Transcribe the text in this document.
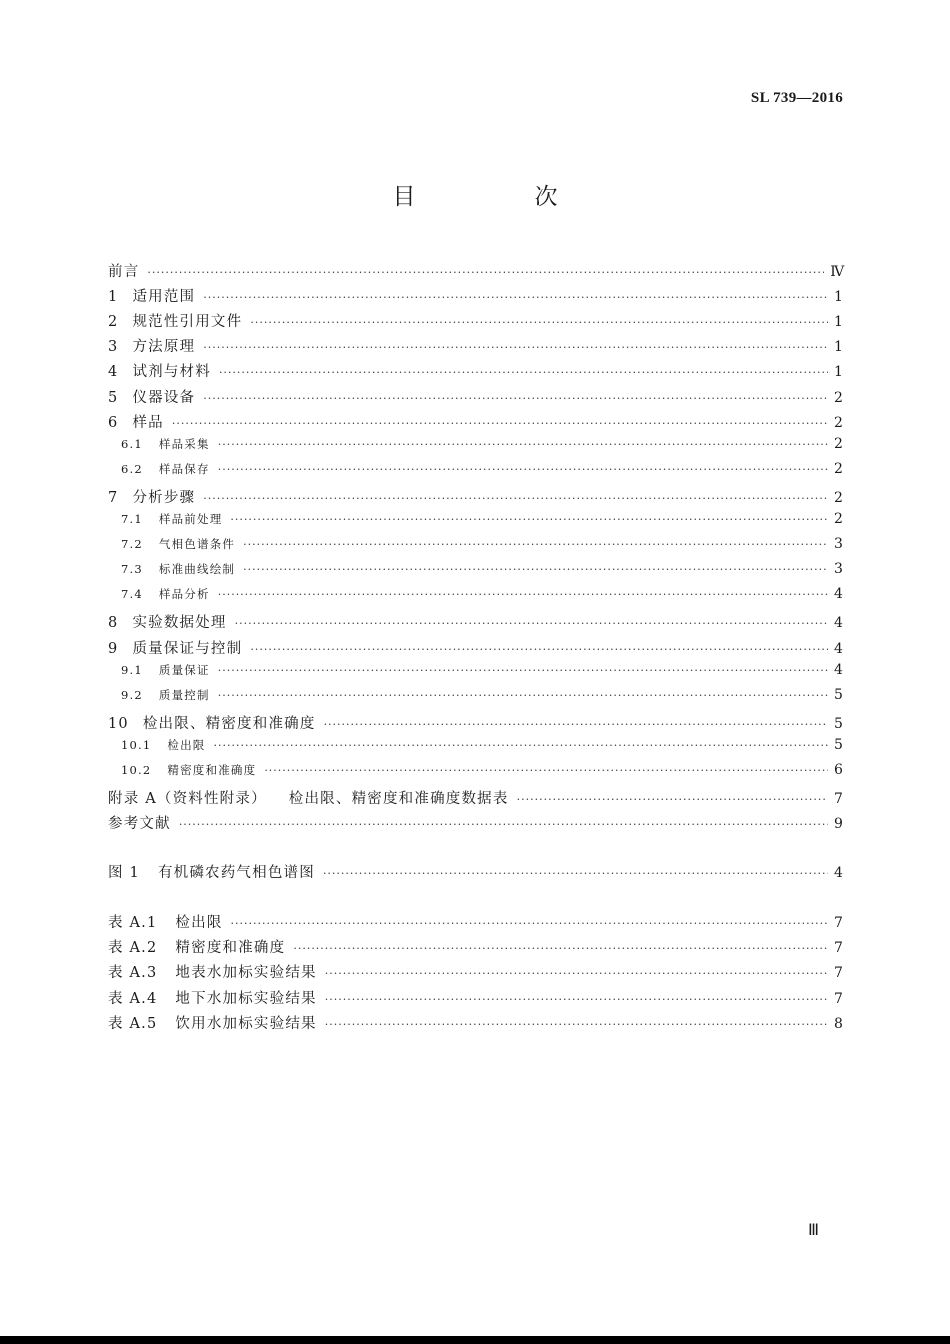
SL 739—2016
目　次
前言 ·····	Ⅳ
1 适用范围 ·····	1
2 规范性引用文件 ·····	1
3 方法原理 ·····	1
4 试剂与材料 ·····	1
5 仪器设备 ·····	2
6 样品 ·····	2
6.1 样品采集 ·····	2
6.2 样品保存 ·····	2
7 分析步骤 ·····	2
7.1 样品前处理 ·····	2
7.2 气相色谱条件 ·····	3
7.3 标准曲线绘制 ·····	3
7.4 样品分析 ·····	4
8 实验数据处理 ·····	4
9 质量保证与控制 ·····	4
9.1 质量保证 ·····	4
9.2 质量控制 ·····	5
10 检出限、精密度和准确度 ·····	5
10.1 检出限 ·····	5
10.2 精密度和准确度 ·····	6
附录 A（资料性附录） 检出限、精密度和准确度数据表 ·····	7
参考文献 ·····	9
图 1 有机磷农药气相色谱图 ·····	4
表 A.1 检出限 ·····	7
表 A.2 精密度和准确度 ·····	7
表 A.3 地表水加标实验结果 ·····	7
表 A.4 地下水加标实验结果 ·····	7
表 A.5 饮用水加标实验结果 ·····	8
Ⅲ
